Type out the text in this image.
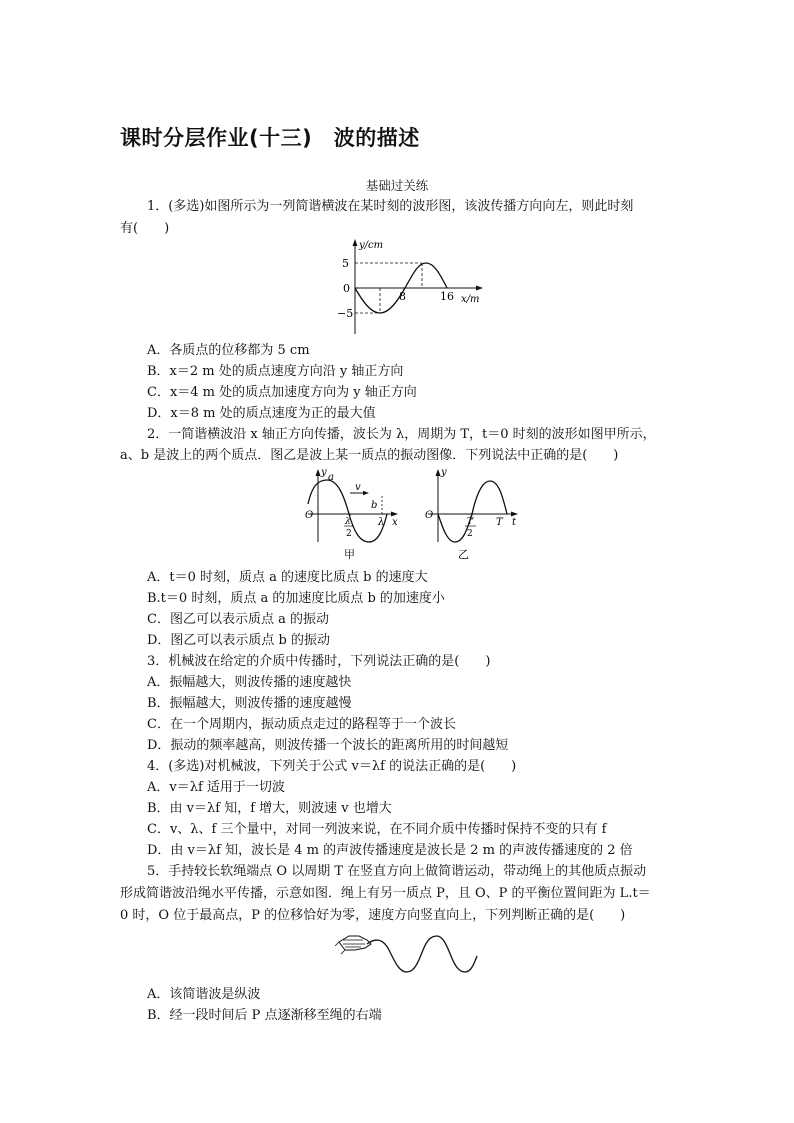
课时分层作业(十三)　波的描述
基础过关练
1．(多选)如图所示为一列简谐横波在某时刻的波形图，该波传播方向向左，则此时刻
有(　　)
y/cm
x/m
5
0
−5
8	16
A．各质点的位移都为 5 cm
B．x＝2 m 处的质点速度方向沿 y 轴正方向
C．x＝4 m 处的质点加速度方向为 y 轴正方向
D．x＝8 m 处的质点速度为正的最大值
2．一简谐横波沿 x 轴正方向传播，波长为 λ，周期为 T，t＝0 时刻的波形如图甲所示，
a、b 是波上的两个质点．图乙是波上某一质点的振动图像．下列说法中正确的是(　　)
y a
v
b
O
x
λ
2
λ
甲
y
O
t
T
2
T
乙
A．t＝0 时刻，质点 a 的速度比质点 b 的速度大
B.t＝0 时刻，质点 a 的加速度比质点 b 的加速度小
C．图乙可以表示质点 a 的振动
D．图乙可以表示质点 b 的振动
3．机械波在给定的介质中传播时，下列说法正确的是(　　)
A．振幅越大，则波传播的速度越快
B．振幅越大，则波传播的速度越慢
C．在一个周期内，振动质点走过的路程等于一个波长
D．振动的频率越高，则波传播一个波长的距离所用的时间越短
4．(多选)对机械波，下列关于公式 v＝λf 的说法正确的是(　　)
A．v＝λf 适用于一切波
B．由 v＝λf 知，f 增大，则波速 v 也增大
C．v、λ、f 三个量中，对同一列波来说，在不同介质中传播时保持不变的只有 f
D．由 v＝λf 知，波长是 4 m 的声波传播速度是波长是 2 m 的声波传播速度的 2 倍
5．手持较长软绳端点 O 以周期 T 在竖直方向上做简谐运动，带动绳上的其他质点振动
形成简谐波沿绳水平传播，示意如图．绳上有另一质点 P，且 O、P 的平衡位置间距为 L.t＝
0 时，O 位于最高点，P 的位移恰好为零，速度方向竖直向上，下列判断正确的是(　　)
A．该简谐波是纵波
B．经一段时间后 P 点逐渐移至绳的右端
